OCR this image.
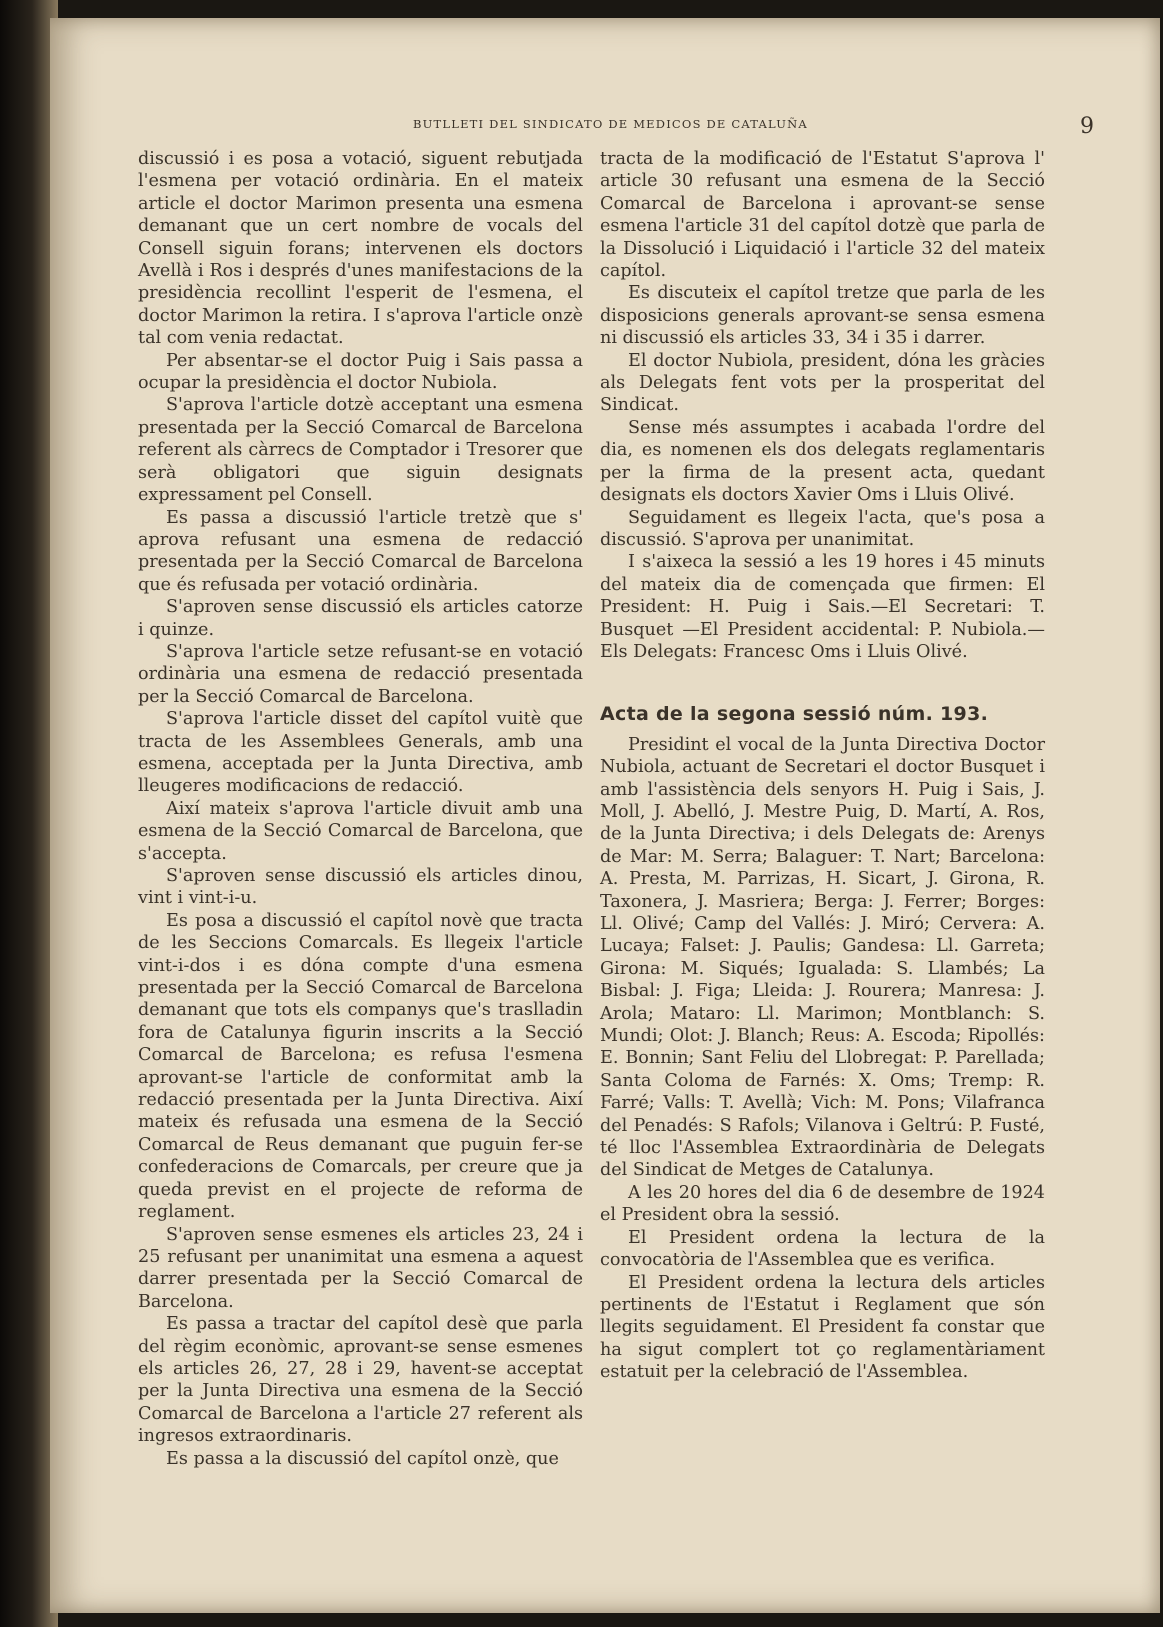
BUTLLETI DEL SINDICATO DE MEDICOS DE CATALUÑA	9

discussió i es posa a votació, siguent rebutjada l'esmena per votació ordinària. En el mateix article el doctor Marimon presenta una esmena demanant que un cert nombre de vocals del Consell siguin forans; intervenen els doctors Avellà i Ros i després d'unes manifestacions de la presidència recollint l'esperit de l'esmena, el doctor Marimon la retira. I s'aprova l'article onzè tal com venia redactat.

Per absentar-se el doctor Puig i Sais passa a ocupar la presidència el doctor Nubiola.

S'aprova l'article dotzè acceptant una esmena presentada per la Secció Comarcal de Barcelona referent als càrrecs de Comptador i Tresorer que serà obligatori que siguin designats expressament pel Consell.

Es passa a discussió l'article tretzè que s' aprova refusant una esmena de redacció presentada per la Secció Comarcal de Barcelona que és refusada per votació ordinària.

S'aproven sense discussió els articles catorze i quinze.

S'aprova l'article setze refusant-se en votació ordinària una esmena de redacció presentada per la Secció Comarcal de Barcelona.

S'aprova l'article disset del capítol vuitè que tracta de les Assemblees Generals, amb una esmena, acceptada per la Junta Directiva, amb lleugeres modificacions de redacció.

Així mateix s'aprova l'article divuit amb una esmena de la Secció Comarcal de Barcelona, que s'accepta.

S'aproven sense discussió els articles dinou, vint i vint-i-u.

Es posa a discussió el capítol novè que tracta de les Seccions Comarcals. Es llegeix l'article vint-i-dos i es dóna compte d'una esmena presentada per la Secció Comarcal de Barcelona demanant que tots els companys que's traslladin fora de Catalunya figurin inscrits a la Secció Comarcal de Barcelona; es refusa l'esmena aprovant-se l'article de conformitat amb la redacció presentada per la Junta Directiva. Així mateix és refusada una esmena de la Secció Comarcal de Reus demanant que puguin fer-se confederacions de Comarcals, per creure que ja queda previst en el projecte de reforma de reglament.

S'aproven sense esmenes els articles 23, 24 i 25 refusant per unanimitat una esmena a aquest darrer presentada per la Secció Comarcal de Barcelona.

Es passa a tractar del capítol desè que parla del règim econòmic, aprovant-se sense esmenes els articles 26, 27, 28 i 29, havent-se acceptat per la Junta Directiva una esmena de la Secció Comarcal de Barcelona a l'article 27 referent als ingresos extraordinaris.

Es passa a la discussió del capítol onzè, que

tracta de la modificació de l'Estatut S'aprova l' article 30 refusant una esmena de la Secció Comarcal de Barcelona i aprovant-se sense esmena l'article 31 del capítol dotzè que parla de la Dissolució i Liquidació i l'article 32 del mateix capítol.

Es discuteix el capítol tretze que parla de les disposicions generals aprovant-se sensa esmena ni discussió els articles 33, 34 i 35 i darrer.

El doctor Nubiola, president, dóna les gràcies als Delegats fent vots per la prosperitat del Sindicat.

Sense més assumptes i acabada l'ordre del dia, es nomenen els dos delegats reglamentaris per la firma de la present acta, quedant designats els doctors Xavier Oms i Lluis Olivé.

Seguidament es llegeix l'acta, que's posa a discussió. S'aprova per unanimitat.

I s'aixeca la sessió a les 19 hores i 45 minuts del mateix dia de començada que firmen: El President: H. Puig i Sais.—El Secretari: T. Busquet —El President accidental: P. Nubiola.—Els Delegats: Francesc Oms i Lluis Olivé.

Acta de la segona sessió núm. 193.

Presidint el vocal de la Junta Directiva Doctor Nubiola, actuant de Secretari el doctor Busquet i amb l'assistència dels senyors H. Puig i Sais, J. Moll, J. Abelló, J. Mestre Puig, D. Martí, A. Ros, de la Junta Directiva; i dels Delegats de: Arenys de Mar: M. Serra; Balaguer: T. Nart; Barcelona: A. Presta, M. Parrizas, H. Sicart, J. Girona, R. Taxonera, J. Masriera; Berga: J. Ferrer; Borges: Ll. Olivé; Camp del Vallés: J. Miró; Cervera: A. Lucaya; Falset: J. Paulis; Gandesa: Ll. Garreta; Girona: M. Siqués; Igualada: S. Llambés; La Bisbal: J. Figa; Lleida: J. Rourera; Manresa: J. Arola; Mataro: Ll. Marimon; Montblanch: S. Mundi; Olot: J. Blanch; Reus: A. Escoda; Ripollés: E. Bonnin; Sant Feliu del Llobregat: P. Parellada; Santa Coloma de Farnés: X. Oms; Tremp: R. Farré; Valls: T. Avellà; Vich: M. Pons; Vilafranca del Penadés: S Rafols; Vilanova i Geltrú: P. Fusté, té lloc l'Assemblea Extraordinària de Delegats del Sindicat de Metges de Catalunya.

A les 20 hores del dia 6 de desembre de 1924 el President obra la sessió.

El President ordena la lectura de la convocatòria de l'Assemblea que es verifica.

El President ordena la lectura dels articles pertinents de l'Estatut i Reglament que són llegits seguidament. El President fa constar que ha sigut complert tot ço reglamentàriament estatuit per la celebració de l'Assemblea.
